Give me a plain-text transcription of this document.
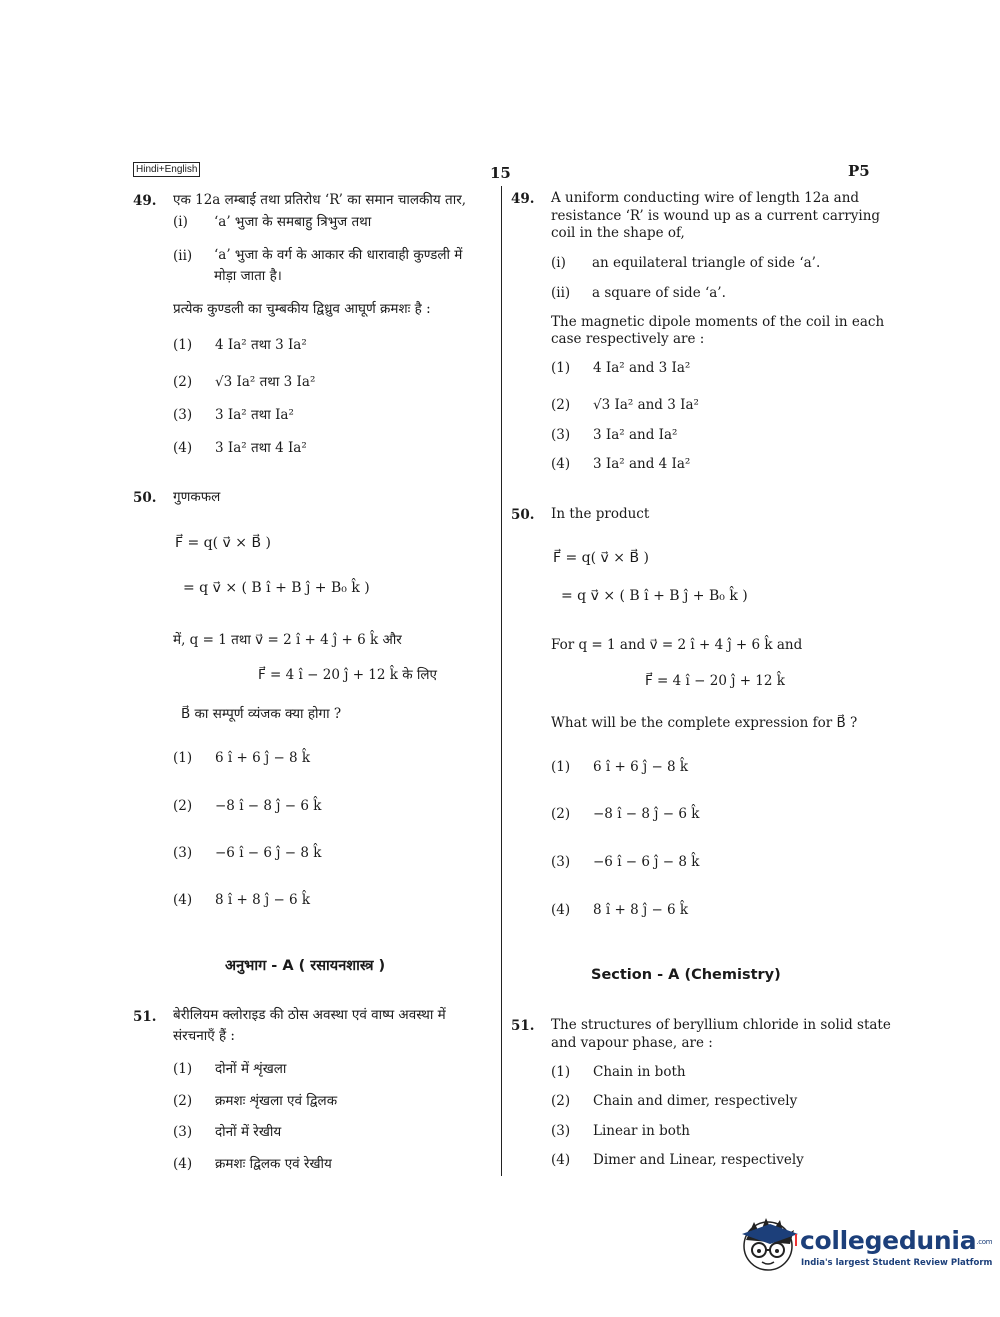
Hindi+English	15	P5
49. एक 12a लम्बाई तथा प्रतिरोध ‘R’ का समान चालकीय तार,
(i) ‘a’ भुजा के समबाहु त्रिभुज तथा
(ii) ‘a’ भुजा के वर्ग के आकार की धारावाही कुण्डली में
मोड़ा जाता है।
प्रत्येक कुण्डली का चुम्बकीय द्विध्रुव आघूर्ण क्रमशः है :
(1) 4 Ia² तथा 3 Ia²
(2) √3 Ia² तथा 3 Ia²
(3) 3 Ia² तथा Ia²
(4) 3 Ia² तथा 4 Ia²
50. गुणकफल
F⃗ = q( v⃗ × B⃗ )
= q v⃗ × ( B î + B ĵ + B₀ k̂ )
में, q = 1 तथा v⃗ = 2 î + 4 ĵ + 6 k̂ और
F⃗ = 4 î − 20 ĵ + 12 k̂ के लिए
B⃗ का सम्पूर्ण व्यंजक क्या होगा ?
(1) 6 î + 6 ĵ − 8 k̂
(2) −8 î − 8 ĵ − 6 k̂
(3) −6 î − 6 ĵ − 8 k̂
(4) 8 î + 8 ĵ − 6 k̂
अनुभाग - A ( रसायनशास्त्र )
51. बेरीलियम क्लोराइड की ठोस अवस्था एवं वाष्प अवस्था में
संरचनाएँ हैं :
(1) दोनों में शृंखला
(2) क्रमशः शृंखला एवं द्विलक
(3) दोनों में रेखीय
(4) क्रमशः द्विलक एवं रेखीय
49. A uniform conducting wire of length 12a and
resistance ‘R’ is wound up as a current carrying
coil in the shape of,
(i) an equilateral triangle of side ‘a’.
(ii) a square of side ‘a’.
The magnetic dipole moments of the coil in each
case respectively are :
(1) 4 Ia² and 3 Ia²
(2) √3 Ia² and 3 Ia²
(3) 3 Ia² and Ia²
(4) 3 Ia² and 4 Ia²
50. In the product
F⃗ = q( v⃗ × B⃗ )
= q v⃗ × ( B î + B ĵ + B₀ k̂ )
For q = 1 and v⃗ = 2 î + 4 ĵ + 6 k̂ and
F⃗ = 4 î − 20 ĵ + 12 k̂
What will be the complete expression for B⃗ ?
(1) 6 î + 6 ĵ − 8 k̂
(2) −8 î − 8 ĵ − 6 k̂
(3) −6 î − 6 ĵ − 8 k̂
(4) 8 î + 8 ĵ − 6 k̂
Section - A (Chemistry)
51. The structures of beryllium chloride in solid state
and vapour phase, are :
(1) Chain in both
(2) Chain and dimer, respectively
(3) Linear in both
(4) Dimer and Linear, respectively
collegedunia.com
India's largest Student Review Platform
